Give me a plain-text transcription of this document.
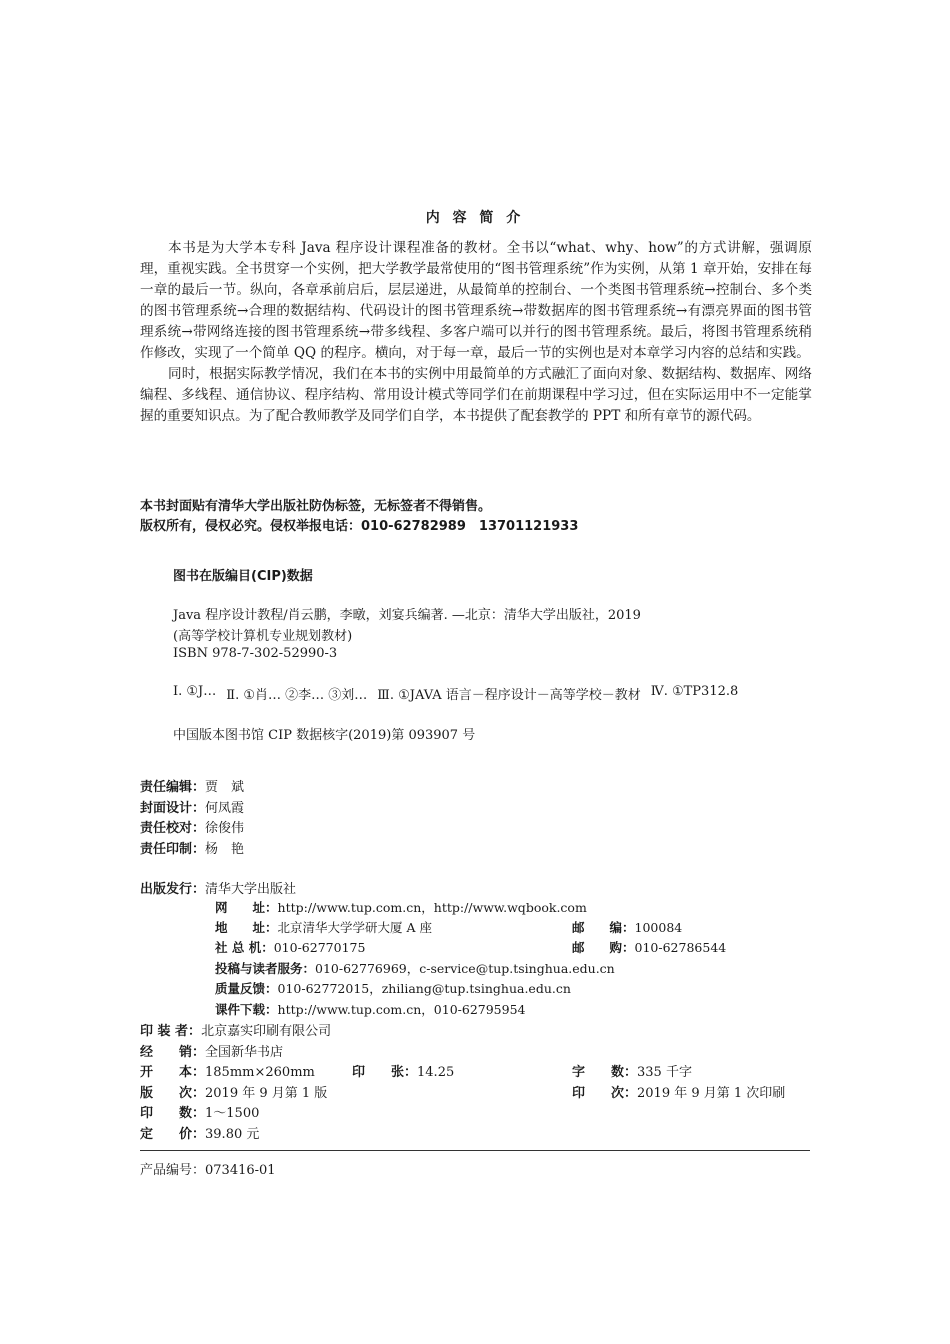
内 容 简 介

本书是为大学本专科 Java 程序设计课程准备的教材。全书以“what、why、how”的方式讲解，强调原理，重视实践。全书贯穿一个实例，把大学教学最常使用的“图书管理系统”作为实例，从第 1 章开始，安排在每一章的最后一节。纵向，各章承前启后，层层递进，从最简单的控制台、一个类图书管理系统→控制台、多个类的图书管理系统→合理的数据结构、代码设计的图书管理系统→带数据库的图书管理系统→有漂亮界面的图书管理系统→带网络连接的图书管理系统→带多线程、多客户端可以并行的图书管理系统。最后，将图书管理系统稍作修改，实现了一个简单 QQ 的程序。横向，对于每一章，最后一节的实例也是对本章学习内容的总结和实践。

同时，根据实际教学情况，我们在本书的实例中用最简单的方式融汇了面向对象、数据结构、数据库、网络编程、多线程、通信协议、程序结构、常用设计模式等同学们在前期课程中学习过，但在实际运用中不一定能掌握的重要知识点。为了配合教师教学及同学们自学，本书提供了配套教学的 PPT 和所有章节的源代码。

本书封面贴有清华大学出版社防伪标签，无标签者不得销售。
版权所有，侵权必究。侵权举报电话：010-62782989　13701121933
图书在版编目(CIP)数据
Java 程序设计教程/肖云鹏，李暾，刘宴兵编著. —北京：清华大学出版社，2019
(高等学校计算机专业规划教材)
ISBN 978-7-302-52990-3
Ⅰ. ①J… Ⅱ. ①肖… ②李… ③刘… Ⅲ. ①JAVA 语言－程序设计－高等学校－教材 Ⅳ. ①TP312.8
中国版本图书馆 CIP 数据核字(2019)第 093907 号
责任编辑：贾　斌
封面设计：何凤霞
责任校对：徐俊伟
责任印制：杨　艳
出版发行：清华大学出版社
网　　址：http://www.tup.com.cn，http://www.wqbook.com
地　　址：北京清华大学学研大厦 A 座	邮　　编：100084
社 总 机：010-62770175	邮　　购：010-62786544
投稿与读者服务：010-62776969，c-service@tup.tsinghua.edu.cn
质量反馈：010-62772015，zhiliang@tup.tsinghua.edu.cn
课件下载：http://www.tup.com.cn，010-62795954
印 装 者：北京嘉实印刷有限公司
经　　销：全国新华书店
开　　本：185mm×260mm	印　　张：14.25	字　　数：335 千字
版　　次：2019 年 9 月第 1 版	印　　次：2019 年 9 月第 1 次印刷
印　　数：1～1500
定　　价：39.80 元
产品编号：073416-01
